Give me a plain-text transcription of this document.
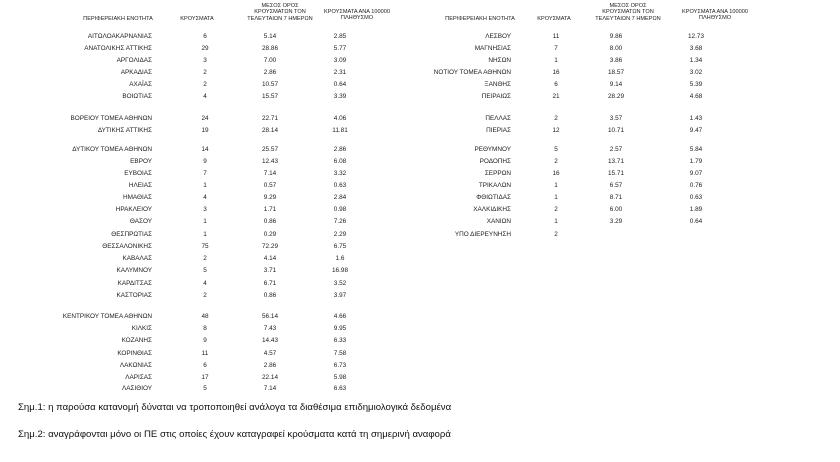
ΠΕΡΙΦΕΡΕΙΑΚΗ ΕΝΟΤΗΤΑ	ΚΡΟΥΣΜΑΤΑ
ΜΕΣΟΣ ΟΡΟΣ
ΚΡΟΥΣΜΑΤΩΝ ΤΟΝ
ΤΕΛΕΥΤΑΙΩΝ 7 ΗΜΕΡΩΝ
ΚΡΟΥΣΜΑΤΑ ΑΝΑ 100000
ΠΛΗΘΥΣΜΟ	ΠΕΡΙΦΕΡΕΙΑΚΗ ΕΝΟΤΗΤΑ	ΚΡΟΥΣΜΑΤΑ
ΜΕΣΟΣ ΟΡΟΣ
ΚΡΟΥΣΜΑΤΩΝ ΤΟΝ
ΤΕΛΕΥΤΑΙΩΝ 7 ΗΜΕΡΩΝ
ΚΡΟΥΣΜΑΤΑ ΑΝΑ 100000
ΠΛΗΘΥΣΜΟ
ΑΙΤΩΛΟΑΚΑΡΝΑΝΙΑΣ	6	5.14	2.85
ΑΝΑΤΟΛΙΚΗΣ ΑΤΤΙΚΗΣ	29	28.86	5.77
ΑΡΓΟΛΙΔΑΣ	3	7.00	3.09
ΑΡΚΑΔΙΑΣ	2	2.86	2.31
ΑΧΑΪΑΣ	2	10.57	0.64
ΒΟΙΩΤΙΑΣ	4	15.57	3.39
ΒΟΡΕΙΟΥ ΤΟΜΕΑ ΑΘΗΝΩΝ	24	22.71	4.06
ΔΥΤΙΚΗΣ ΑΤΤΙΚΗΣ	19	28.14	11.81
ΔΥΤΙΚΟΥ ΤΟΜΕΑ ΑΘΗΝΩΝ	14	25.57	2.86
ΕΒΡΟΥ	9	12.43	6.08
ΕΥΒΟΙΑΣ	7	7.14	3.32
ΗΛΕΙΑΣ	1	0.57	0.63
ΗΜΑΘΙΑΣ	4	9.29	2.84
ΗΡΑΚΛΕΙΟΥ	3	1.71	0.98
ΘΑΣΟΥ	1	0.86	7.26
ΘΕΣΠΡΩΤΙΑΣ	1	0.29	2.29
ΘΕΣΣΑΛΟΝΙΚΗΣ	75	72.29	6.75
ΚΑΒΑΛΑΣ	2	4.14	1.6
ΚΑΛΥΜΝΟΥ	5	3.71	16.98
ΚΑΡΔΙΤΣΑΣ	4	6.71	3.52
ΚΑΣΤΟΡΙΑΣ	2	0.86	3.97
ΚΕΝΤΡΙΚΟΥ ΤΟΜΕΑ ΑΘΗΝΩΝ	48	56.14	4.66
ΚΙΛΚΙΣ	8	7.43	9.95
ΚΟΖΑΝΗΣ	9	14.43	6.33
ΚΟΡΙΝΘΙΑΣ	11	4.57	7.58
ΛΑΚΩΝΙΑΣ	6	2.86	6.73
ΛΑΡΙΣΑΣ	17	22.14	5.98
ΛΑΣΙΘΙΟΥ	5	7.14	6.63
ΛΕΣΒΟΥ	11	9.86	12.73
ΜΑΓΝΗΣΙΑΣ	7	8.00	3.68
ΝΗΣΩΝ	1	3.86	1.34
ΝΟΤΙΟΥ ΤΟΜΕΑ ΑΘΗΝΩΝ	16	18.57	3.02
ΞΑΝΘΗΣ	6	9.14	5.39
ΠΕΙΡΑΙΩΣ	21	28.29	4.68
ΠΕΛΛΑΣ	2	3.57	1.43
ΠΙΕΡΙΑΣ	12	10.71	9.47
ΡΕΘΥΜΝΟΥ	5	2.57	5.84
ΡΟΔΟΠΗΣ	2	13.71	1.79
ΣΕΡΡΩΝ	16	15.71	9.07
ΤΡΙΚΑΛΩΝ	1	6.57	0.76
ΦΘΙΩΤΙΔΑΣ	1	8.71	0.63
ΧΑΛΚΙΔΙΚΗΣ	2	6.00	1.89
ΧΑΝΙΩΝ	1	3.29	0.64
ΥΠΟ ΔΙΕΡΕΥΝΗΣΗ	2
Σημ.1: η παρούσα κατανομή δύναται να τροποποιηθεί ανάλογα τα διαθέσιμα επιδημιολογικά δεδομένα
Σημ.2: αναγράφονται μόνο οι ΠΕ στις οποίες έχουν καταγραφεί κρούσματα κατά τη σημερινή αναφορά
